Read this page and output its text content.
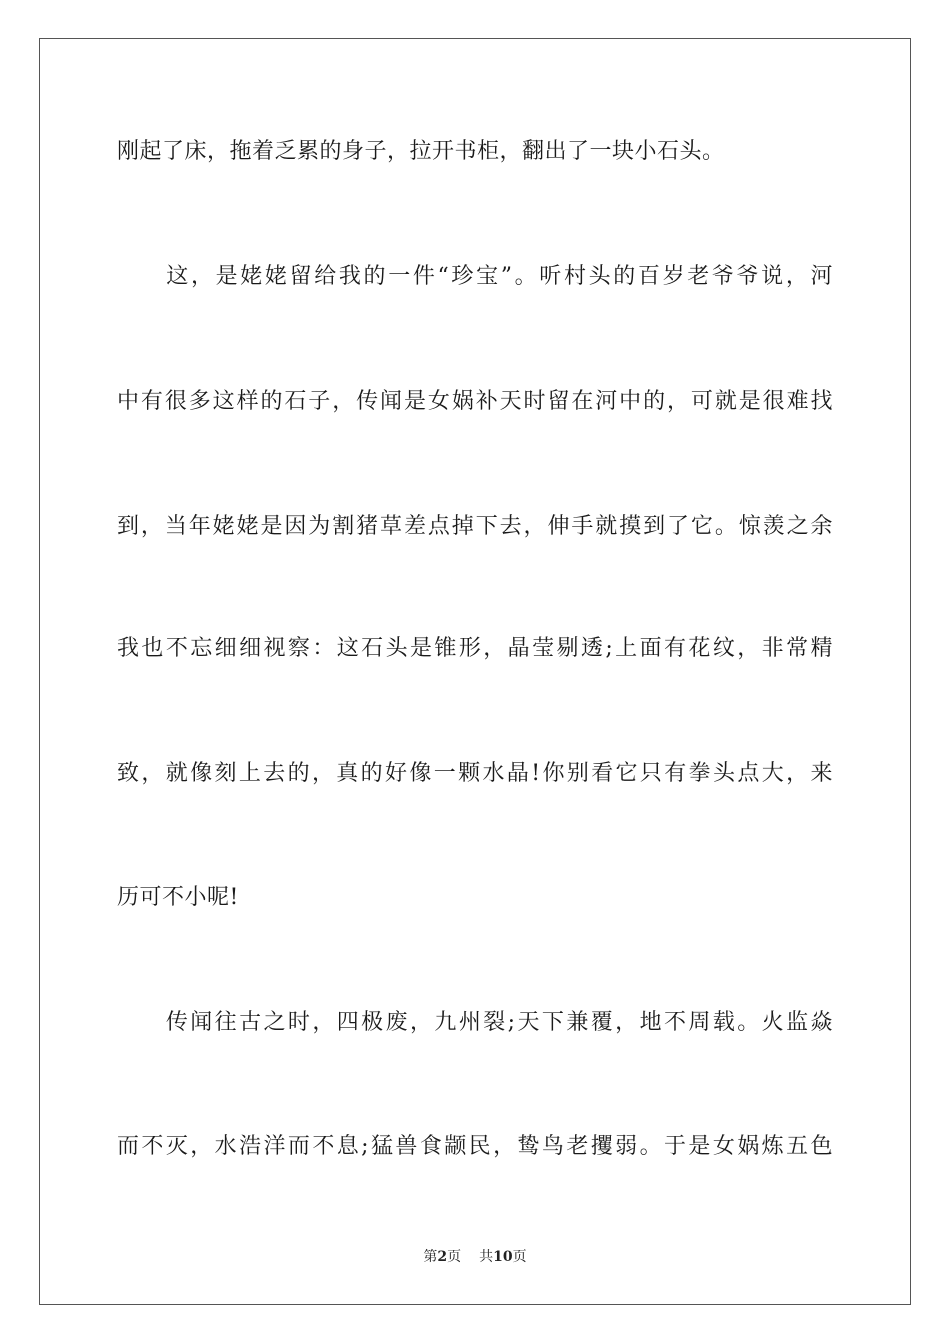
刚起了床，拖着乏累的身子，拉开书柜，翻出了一块小石头。
　　这，是姥姥留给我的一件“珍宝”。听村头的百岁老爷爷说，河
中有很多这样的石子，传闻是女娲补天时留在河中的，可就是很难找
到，当年姥姥是因为割猪草差点掉下去，伸手就摸到了它。惊羡之余
我也不忘细细视察：这石头是锥形，晶莹剔透;上面有花纹，非常精
致，就像刻上去的，真的好像一颗水晶!你别看它只有拳头点大，来
历可不小呢!
　　传闻往古之时，四极废，九州裂;天下兼覆，地不周载。火监焱
而不灭，水浩洋而不息;猛兽食颛民，鸷鸟老攫弱。于是女娲炼五色
第2页 共10页
